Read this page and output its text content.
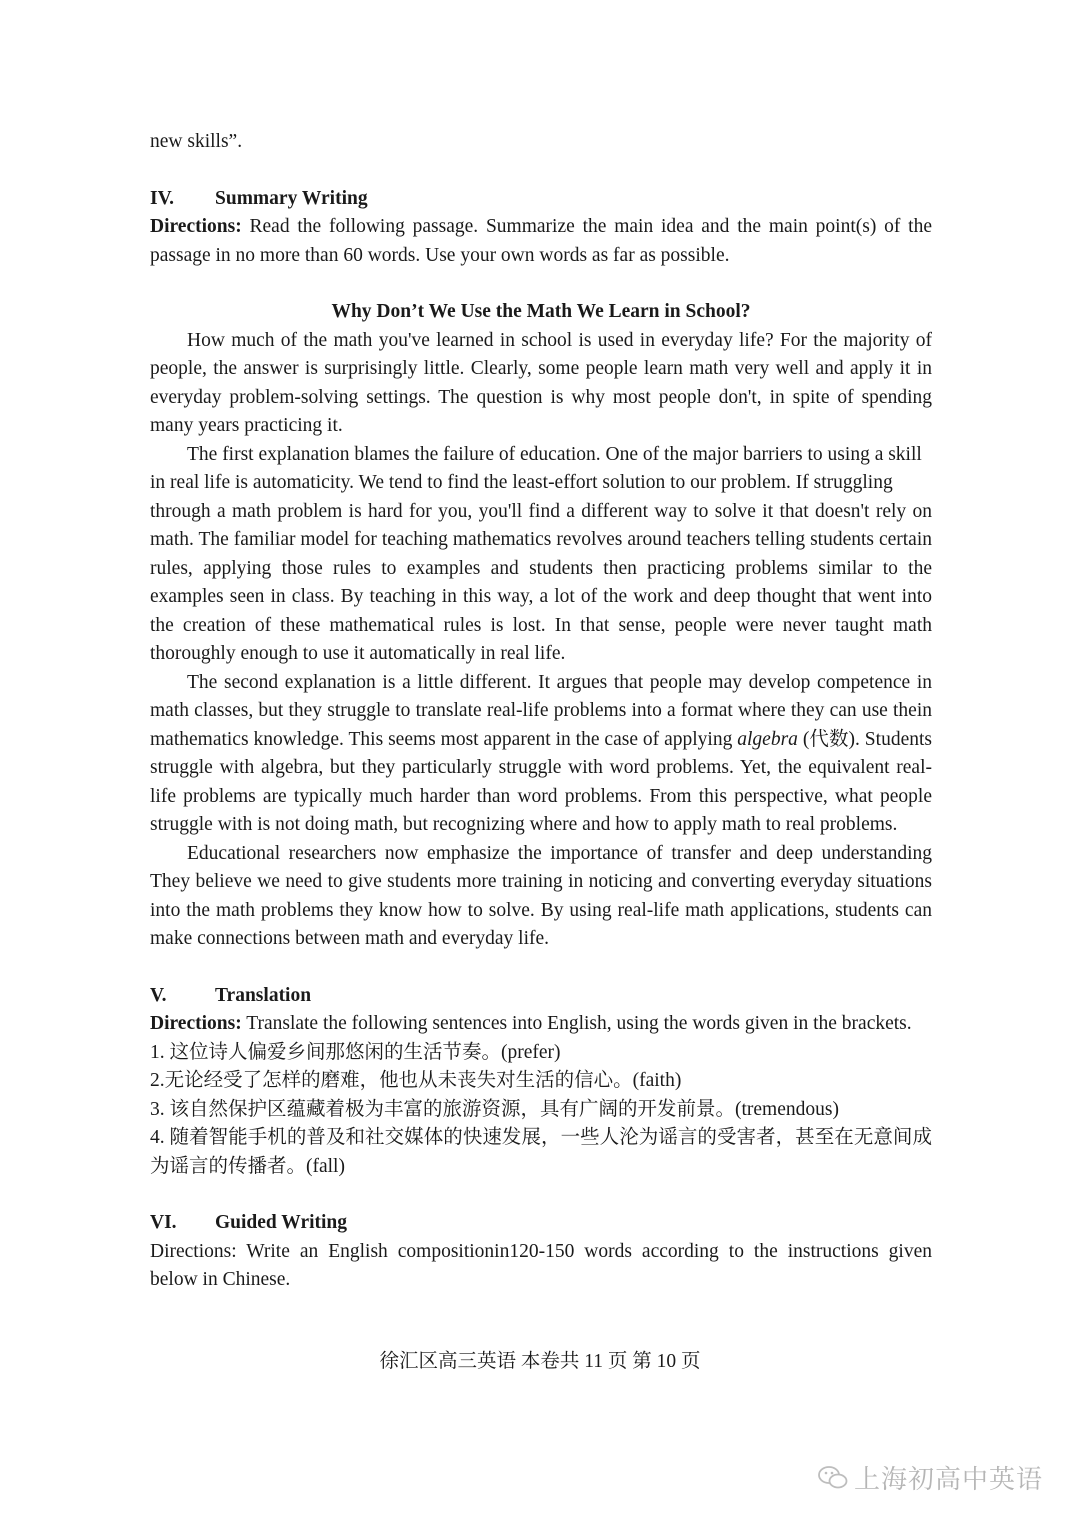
new skills”.

IV.	Summary Writing

Directions: Read the following passage. Summarize the main idea and the main point(s) of the passage in no more than 60 words. Use your own words as far as possible.

Why Don’t We Use the Math We Learn in School?

How much of the math you've learned in school is used in everyday life? For the majority of people, the answer is surprisingly little. Clearly, some people learn math very well and apply it in everyday problem-solving settings. The question is why most people don't, in spite of spending many years practicing it.

The first explanation blames the failure of education. One of the major barriers to using a skill

in real life is automaticity. We tend to find the least-effort solution to our problem. If struggling

through a math problem is hard for you, you'll find a different way to solve it that doesn't rely on math. The familiar model for teaching mathematics revolves around teachers telling students certain rules, applying those rules to examples and students then practicing problems similar to the examples seen in class. By teaching in this way, a lot of the work and deep thought that went into the creation of these mathematical rules is lost. In that sense, people were never taught math thoroughly enough to use it automatically in real life.

The second explanation is a little different. It argues that people may develop competence in math classes, but they struggle to translate real-life problems into a format where they can use thein mathematics knowledge. This seems most apparent in the case of applying algebra (代数). Students struggle with algebra, but they particularly struggle with word problems. Yet, the equivalent real-life problems are typically much harder than word problems. From this perspective, what people struggle with is not doing math, but recognizing where and how to apply math to real problems.

Educational researchers now emphasize the importance of transfer and deep understanding They believe we need to give students more training in noticing and converting everyday situations into the math problems they know how to solve. By using real-life math applications, students can make connections between math and everyday life.

V.	Translation

Directions: Translate the following sentences into English, using the words given in the brackets.

1. 这位诗人偏爱乡间那悠闲的生活节奏。(prefer)

2.无论经受了怎样的磨难，他也从未丧失对生活的信心。(faith)

3. 该自然保护区蕴藏着极为丰富的旅游资源，具有广阔的开发前景。(tremendous)

4. 随着智能手机的普及和社交媒体的快速发展，一些人沦为谣言的受害者，甚至在无意间成为谣言的传播者。(fall)

VI.	Guided Writing

Directions: Write an English compositionin120-150 words according to the instructions given below in Chinese.

徐汇区高三英语 本卷共 11 页 第 10 页
上海初高中英语
